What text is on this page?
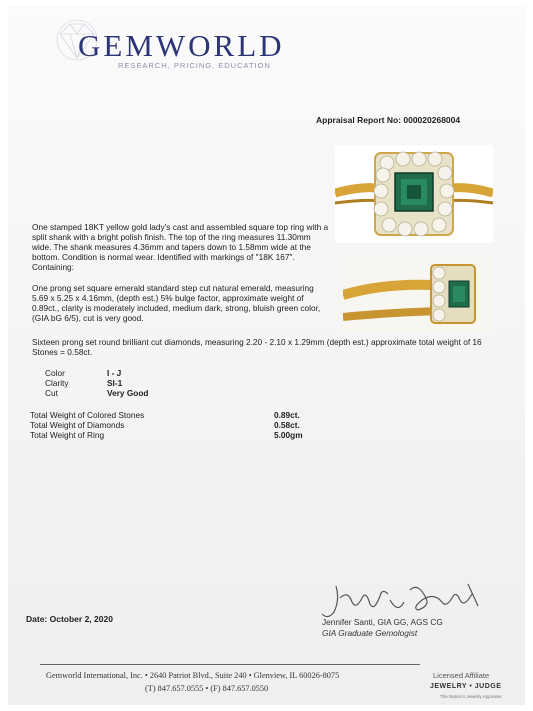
GEMWORLD
RESEARCH, PRICING, EDUCATION
Appraisal Report No: 000020268004

One stamped 18KT yellow gold lady's cast and assembled square top ring with a split shank with a bright polish finish. The top of the ring measures 11.30mm wide. The shank measures 4.36mm and tapers down to 1.58mm wide at the bottom. Condition is normal wear. Identified with markings of "18K 167". Containing:

One prong set square emerald standard step cut natural emerald, measuring 5.69 x 5.25 x 4.16mm, (depth est.) 5% bulge factor, approximate weight of 0.89ct., clarity is moderately included, medium dark, strong, bluish green color, (GIA bG 6/5), cut is very good.

Sixteen prong set round brilliant cut diamonds, measuring 2.20 - 2.10 x 1.29mm (depth est.) approximate total weight of 16 Stones = 0.58ct.

Color	I - J
Clarity	SI-1
Cut	Very Good
Total Weight of Colored Stones	0.89ct.
Total Weight of Diamonds	0.58ct.
Total Weight of Ring	5.00gm
Date: October 2, 2020	Jennifer Santi, GIA GG, AGS CG
GIA Graduate Gemologist
Gemworld International, Inc. • 2640 Patriot Blvd., Suite 240 • Glenview, IL 60026-8075
(T) 847.657.0555 • (F) 847.657.0550
Licensed Affiliate
JEWELRY • JUDGE
The Nation's Jewelry Appraiser
